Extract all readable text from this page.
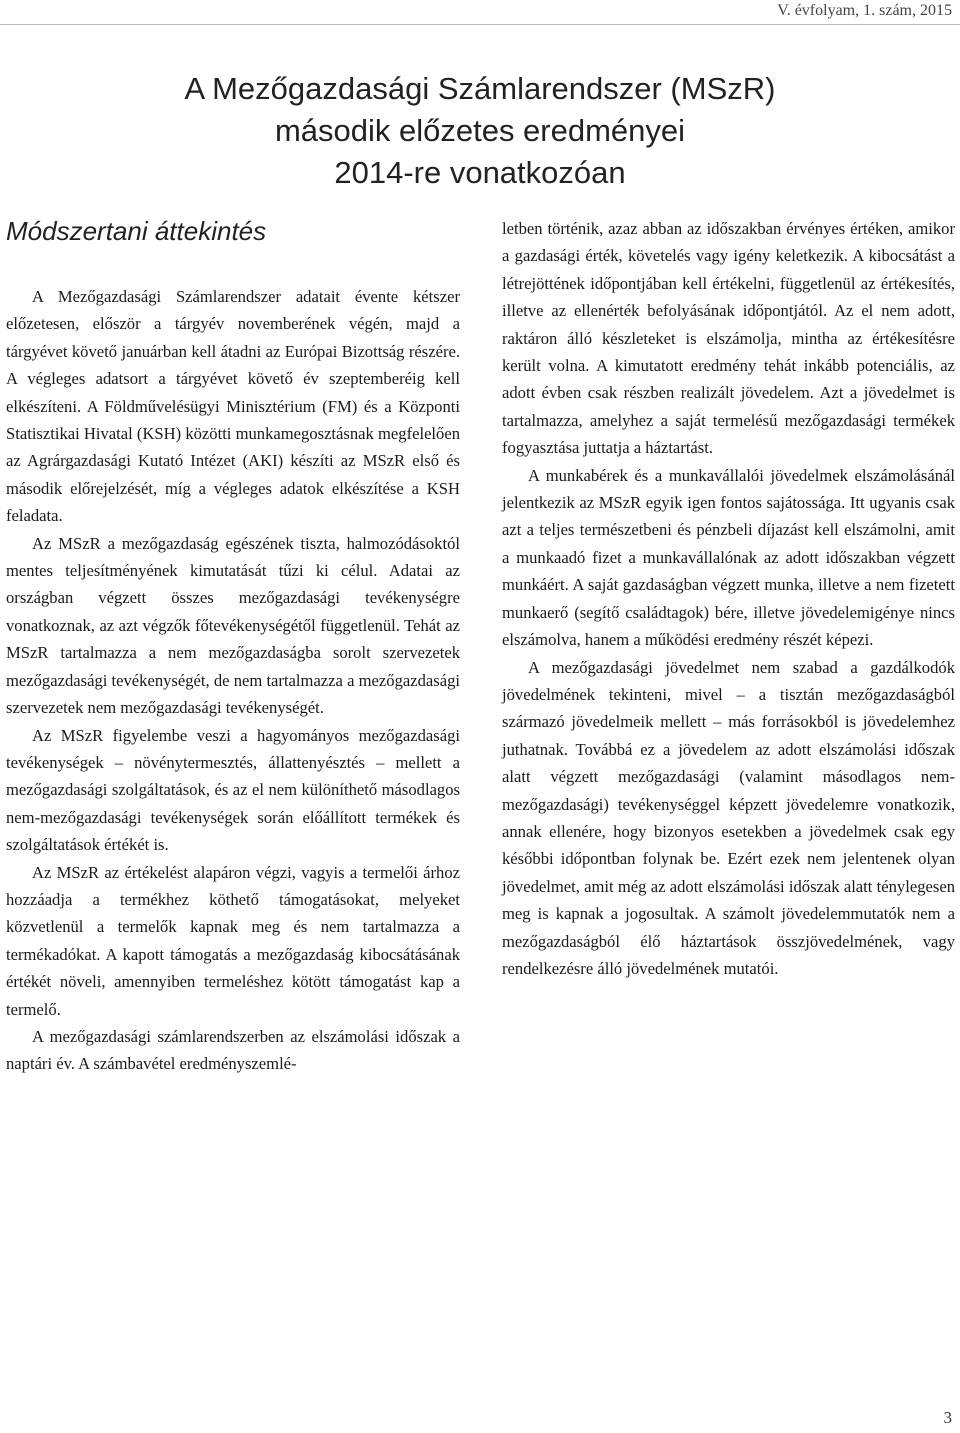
V. évfolyam, 1. szám, 2015
A Mezőgazdasági Számlarendszer (MSzR)
második előzetes eredményei
2014-re vonatkozóan
Módszertani áttekintés

A Mezőgazdasági Számlarendszer adatait évente kétszer előzetesen, először a tárgyév novemberének végén, majd a tárgyévet követő januárban kell átadni az Európai Bizottság részére. A végleges adatsort a tárgyévet követő év szeptemberéig kell elkészíteni. A Földművelésügyi Minisztérium (FM) és a Központi Statisztikai Hivatal (KSH) közötti munkamegosztásnak megfelelően az Agrárgazdasági Kutató Intézet (AKI) készíti az MSzR első és második előrejelzését, míg a végleges adatok elkészítése a KSH feladata.

Az MSzR a mezőgazdaság egészének tiszta, halmozódásoktól mentes teljesítményének kimutatását tűzi ki célul. Adatai az országban végzett összes mezőgazdasági tevékenységre vonatkoznak, az azt végzők főtevékenységétől függetlenül. Tehát az MSzR tartalmazza a nem mezőgazdaságba sorolt szervezetek mezőgazdasági tevékenységét, de nem tartalmazza a mezőgazdasági szervezetek nem mezőgazdasági tevékenységét.

Az MSzR figyelembe veszi a hagyományos mezőgazdasági tevékenységek – növénytermesztés, állattenyésztés – mellett a mezőgazdasági szolgáltatások, és az el nem különíthető másodlagos nem-mezőgazdasági tevékenységek során előállított termékek és szolgáltatások értékét is.

Az MSzR az értékelést alapáron végzi, vagyis a termelői árhoz hozzáadja a termékhez köthető támogatásokat, melyeket közvetlenül a termelők kapnak meg és nem tartalmazza a termékadókat. A kapott támogatás a mezőgazdaság kibocsátásának értékét növeli, amennyiben termeléshez kötött támogatást kap a termelő.

A mezőgazdasági számlarendszerben az elszámolási időszak a naptári év. A számbavétel eredményszemlé-

letben történik, azaz abban az időszakban érvényes értéken, amikor a gazdasági érték, követelés vagy igény keletkezik. A kibocsátást a létrejöttének időpontjában kell értékelni, függetlenül az értékesítés, illetve az ellenérték befolyásának időpontjától. Az el nem adott, raktáron álló készleteket is elszámolja, mintha az értékesítésre került volna. A kimutatott eredmény tehát inkább potenciális, az adott évben csak részben realizált jövedelem. Azt a jövedelmet is tartalmazza, amelyhez a saját termelésű mezőgazdasági termékek fogyasztása juttatja a háztartást.

A munkabérek és a munkavállalói jövedelmek elszámolásánál jelentkezik az MSzR egyik igen fontos sajátossága. Itt ugyanis csak azt a teljes természetbeni és pénzbeli díjazást kell elszámolni, amit a munkaadó fizet a munkavállalónak az adott időszakban végzett munkáért. A saját gazdaságban végzett munka, illetve a nem fizetett munkaerő (segítő családtagok) bére, illetve jövedelemigénye nincs elszámolva, hanem a működési eredmény részét képezi.

A mezőgazdasági jövedelmet nem szabad a gazdálkodók jövedelmének tekinteni, mivel – a tisztán mezőgazdaságból származó jövedelmeik mellett – más forrásokból is jövedelemhez juthatnak. Továbbá ez a jövedelem az adott elszámolási időszak alatt végzett mezőgazdasági (valamint másodlagos nem-mezőgazdasági) tevékenységgel képzett jövedelemre vonatkozik, annak ellenére, hogy bizonyos esetekben a jövedelmek csak egy későbbi időpontban folynak be. Ezért ezek nem jelentenek olyan jövedelmet, amit még az adott elszámolási időszak alatt ténylegesen meg is kapnak a jogosultak. A számolt jövedelemmutatók nem a mezőgazdaságból élő háztartások összjövedelmének, vagy rendelkezésre álló jövedelmének mutatói.

3
